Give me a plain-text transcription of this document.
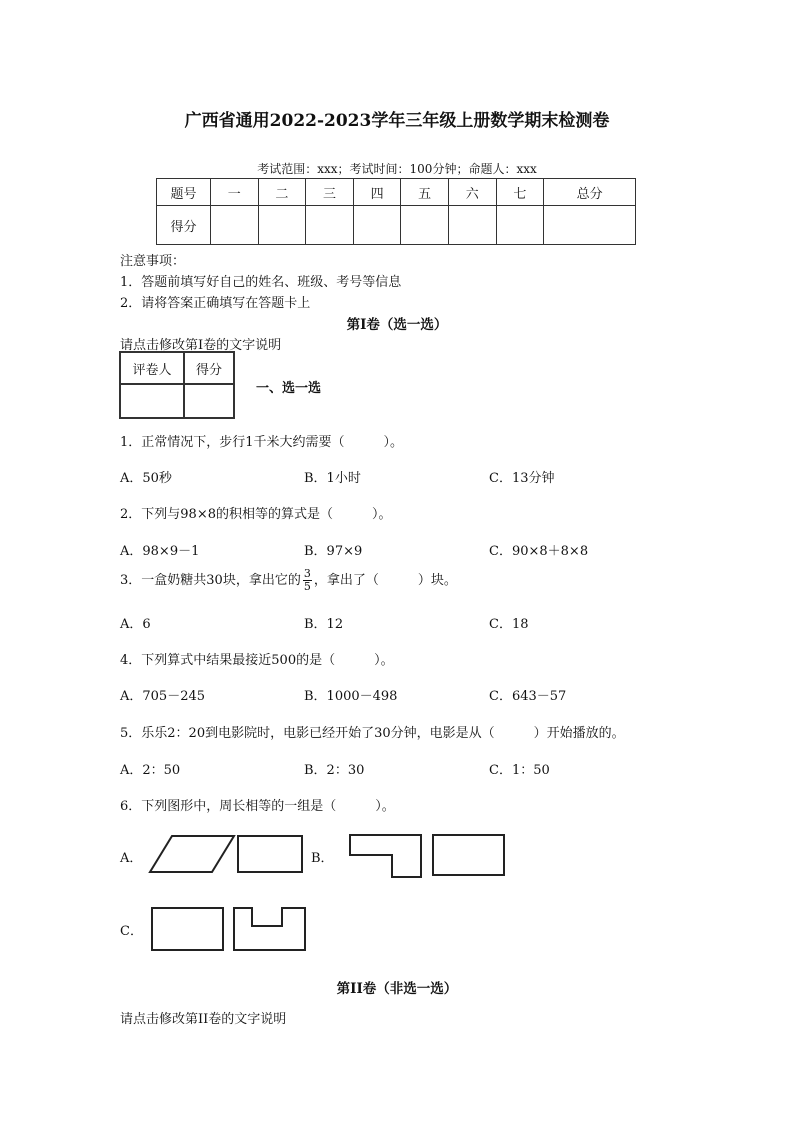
广西省通用2022-2023学年三年级上册数学期末检测卷
考试范围：xxx；考试时间：100分钟；命题人：xxx
题号	一	二	三	四	五	六	七	总分
得分								
注意事项：
1．答题前填写好自己的姓名、班级、考号等信息
2．请将答案正确填写在答题卡上
第I卷（选一选）
请点击修改第I卷的文字说明
评卷人	得分

一、选一选
1．正常情况下，步行1千米大约需要（　　　）。
A．50秒	B．1小时	C．13分钟
2．下列与98×8的积相等的算式是（　　　）。
A．98×9－1	B．97×9	C．90×8＋8×8
3．一盒奶糖共30块，拿出它的 $\frac{3}{5}$ ，拿出了（　　　）块。
A．6	B．12	C．18
4．下列算式中结果最接近500的是（　　　）。
A．705－245	B．1000－498	C．643－57
5．乐乐2：20到电影院时，电影已经开始了30分钟，电影是从（　　　）开始播放的。
A．2：50	B．2：30	C．1：50
6．下列图形中，周长相等的一组是（　　　）。
A．	B．
C．
第II卷（非选一选）
请点击修改第II卷的文字说明
